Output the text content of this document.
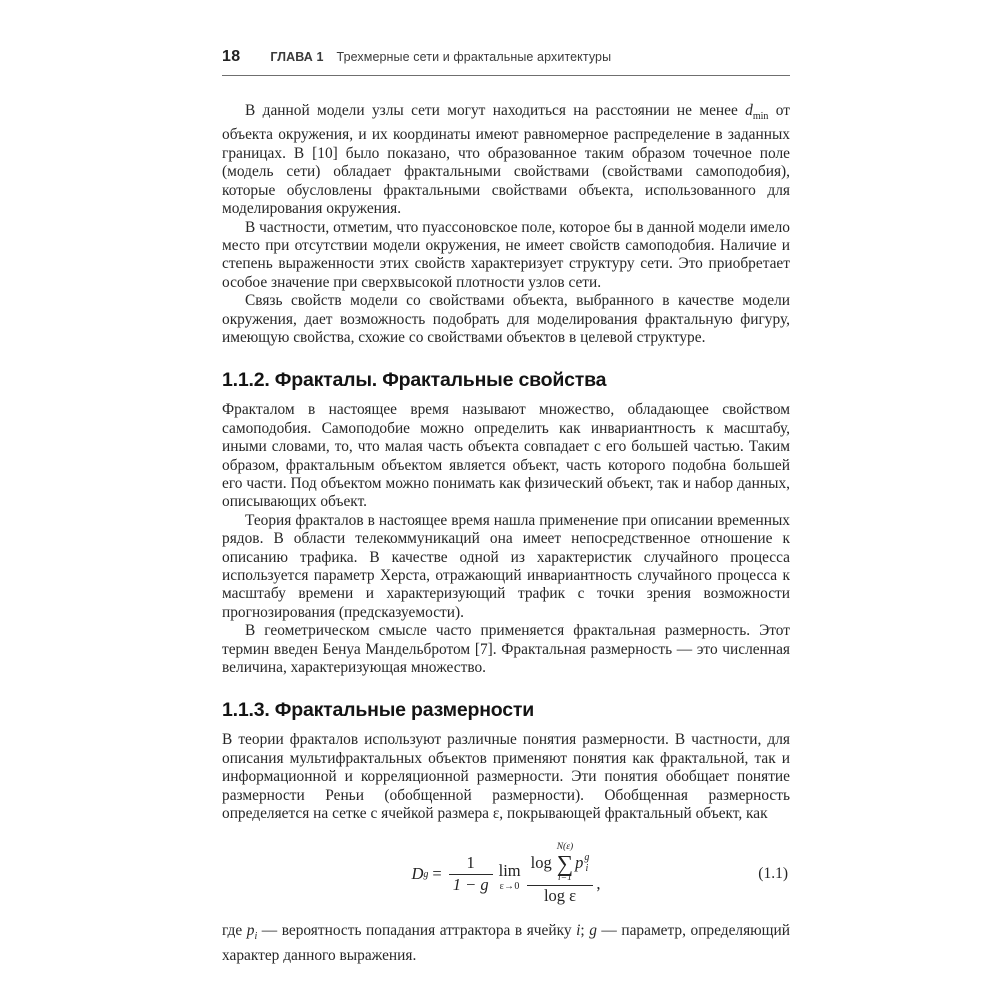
18 ГЛАВА 1 Трехмерные сети и фрактальные архитектуры

В данной модели узлы сети могут находиться на расстоянии не менее $d_{min}$ от объекта окружения, и их координаты имеют равномерное распределение в заданных границах. В [10] было показано, что образованное таким образом точечное поле (модель сети) обладает фрактальными свойствами (свойствами самоподобия), которые обусловлены фрактальными свойствами объекта, использованного для моделирования окружения.

В частности, отметим, что пуассоновское поле, которое бы в данной модели имело место при отсутствии модели окружения, не имеет свойств самоподобия. Наличие и степень выраженности этих свойств характеризует структуру сети. Это приобретает особое значение при сверхвысокой плотности узлов сети.

Связь свойств модели со свойствами объекта, выбранного в качестве модели окружения, дает возможность подобрать для моделирования фрактальную фигуру, имеющую свойства, схожие со свойствами объектов в целевой структуре.

1.1.2. Фракталы. Фрактальные свойства

Фракталом в настоящее время называют множество, обладающее свойством самоподобия. Самоподобие можно определить как инвариантность к масштабу, иными словами, то, что малая часть объекта совпадает с его большей частью. Таким образом, фрактальным объектом является объект, часть которого подобна большей его части. Под объектом можно понимать как физический объект, так и набор данных, описывающих объект.

Теория фракталов в настоящее время нашла применение при описании временных рядов. В области телекоммуникаций она имеет непосредственное отношение к описанию трафика. В качестве одной из характеристик случайного процесса используется параметр Херста, отражающий инвариантность случайного процесса к масштабу времени и характеризующий трафик с точки зрения возможности прогнозирования (предсказуемости).

В геометрическом смысле часто применяется фрактальная размерность. Этот термин введен Бенуа Мандельбротом [7]. Фрактальная размерность — это численная величина, характеризующая множество.

1.1.3. Фрактальные размерности

В теории фракталов используют различные понятия размерности. В частности, для описания мультифрактальных объектов применяют понятия как фрактальной, так и информационной и корреляционной размерности. Эти понятия обобщает понятие размерности Реньи (обобщенной размерности). Обобщенная размерность определяется на сетке с ячейкой размера ε, покрывающей фрактальный объект, как

D $g = \frac{1}{1 - g}$ lim
ε→0
log
N(ε)
∑
i=1
p g
i
log ε
,	(1.1)

где $p_i$ — вероятность попадания аттрактора в ячейку i; g — параметр, определяющий характер данного выражения.
